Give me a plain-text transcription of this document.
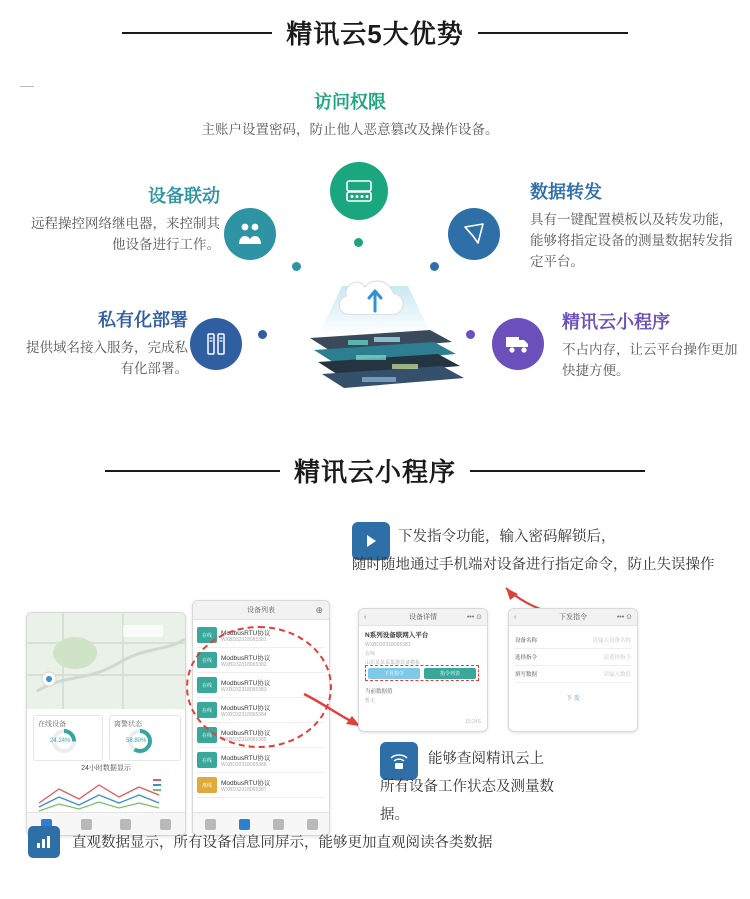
精讯云5大优势
访问权限
主账户设置密码，防止他人恶意篡改及操作设备。
设备联动
远程操控网络继电器，来控制其他设备进行工作。
数据转发
具有一键配置模板以及转发功能，能够将指定设备的测量数据转发指定平台。
私有化部署
提供域名接入服务，完成私有化部署。
精讯云小程序
不占内存，让云平台操作更加快捷方便。
精讯云小程序
下发指令功能，输入密码解锁后，
随时随地通过手机端对设备进行指定命令，防止失误操作
在线设备
24.24%
离警状态
58.80%
24小时数据显示
设备列表	⊕
在线	ModbusRTU协议
WXBD32318065381
在线	ModbusRTU协议
WXBD32318065382
在线	ModbusRTU协议
WXBD32318065383
在线	ModbusRTU协议
WXBD32318065384
在线	ModbusRTU协议
WXBD32318065385
在线	ModbusRTU协议
WXBD32318065386
离线	ModbusRTU协议
WXBD32318065387
‹	设备详情	••• ⊙
N系列设备联网入平台
WXBD32318065381
在线
山东某某采集器设备模板
下发指令	指令列表
当前数据值
暂无
15:24S
‹	下发指令	••• ⊙
设备名称	请输入设备名称
选择指令	请选择指令
填写数据	请输入数值
下 发
能够查阅精讯云上
所有设备工作状态及测量数
据。
直观数据显示，所有设备信息同屏示，能够更加直观阅读各类数据
